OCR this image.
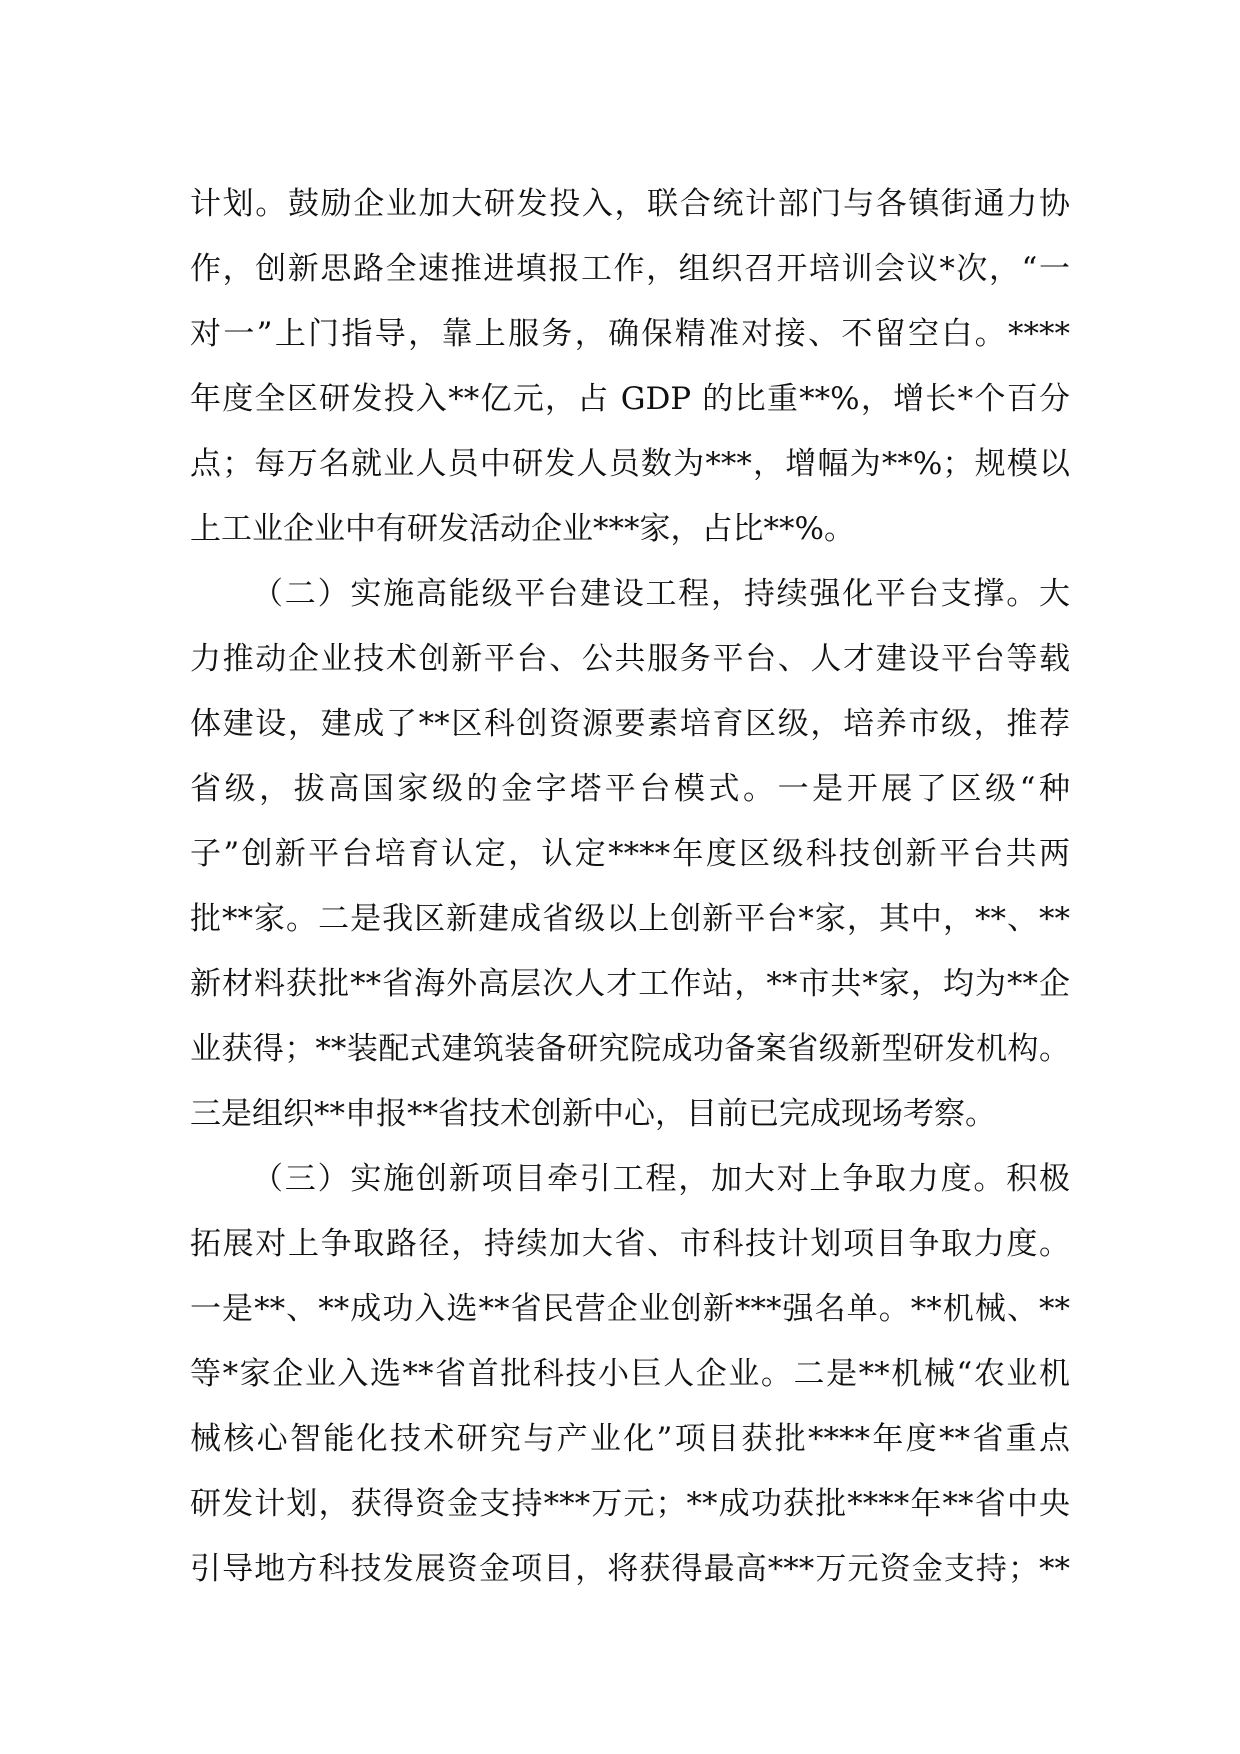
计划。鼓励企业加大研发投入，联合统计部门与各镇街通力协
作，创新思路全速推进填报工作，组织召开培训会议*次，“一
对一”上门指导，靠上服务，确保精准对接、不留空白。****
年度全区研发投入**亿元，占 GDP 的比重**%，增长*个百分
点；每万名就业人员中研发人员数为***，增幅为**%；规模以
上工业企业中有研发活动企业***家，占比**%。
（二）实施高能级平台建设工程，持续强化平台支撑。大
力推动企业技术创新平台、公共服务平台、人才建设平台等载
体建设，建成了**区科创资源要素培育区级，培养市级，推荐
省级，拔高国家级的金字塔平台模式。一是开展了区级“种
子”创新平台培育认定，认定****年度区级科技创新平台共两
批**家。二是我区新建成省级以上创新平台*家，其中，**、**
新材料获批**省海外高层次人才工作站，**市共*家，均为**企
业获得；**装配式建筑装备研究院成功备案省级新型研发机构。
三是组织**申报**省技术创新中心，目前已完成现场考察。
（三）实施创新项目牵引工程，加大对上争取力度。积极
拓展对上争取路径，持续加大省、市科技计划项目争取力度。
一是**、**成功入选**省民营企业创新***强名单。**机械、**
等*家企业入选**省首批科技小巨人企业。二是**机械“农业机
械核心智能化技术研究与产业化”项目获批****年度**省重点
研发计划，获得资金支持***万元；**成功获批****年**省中央
引导地方科技发展资金项目，将获得最高***万元资金支持；**
